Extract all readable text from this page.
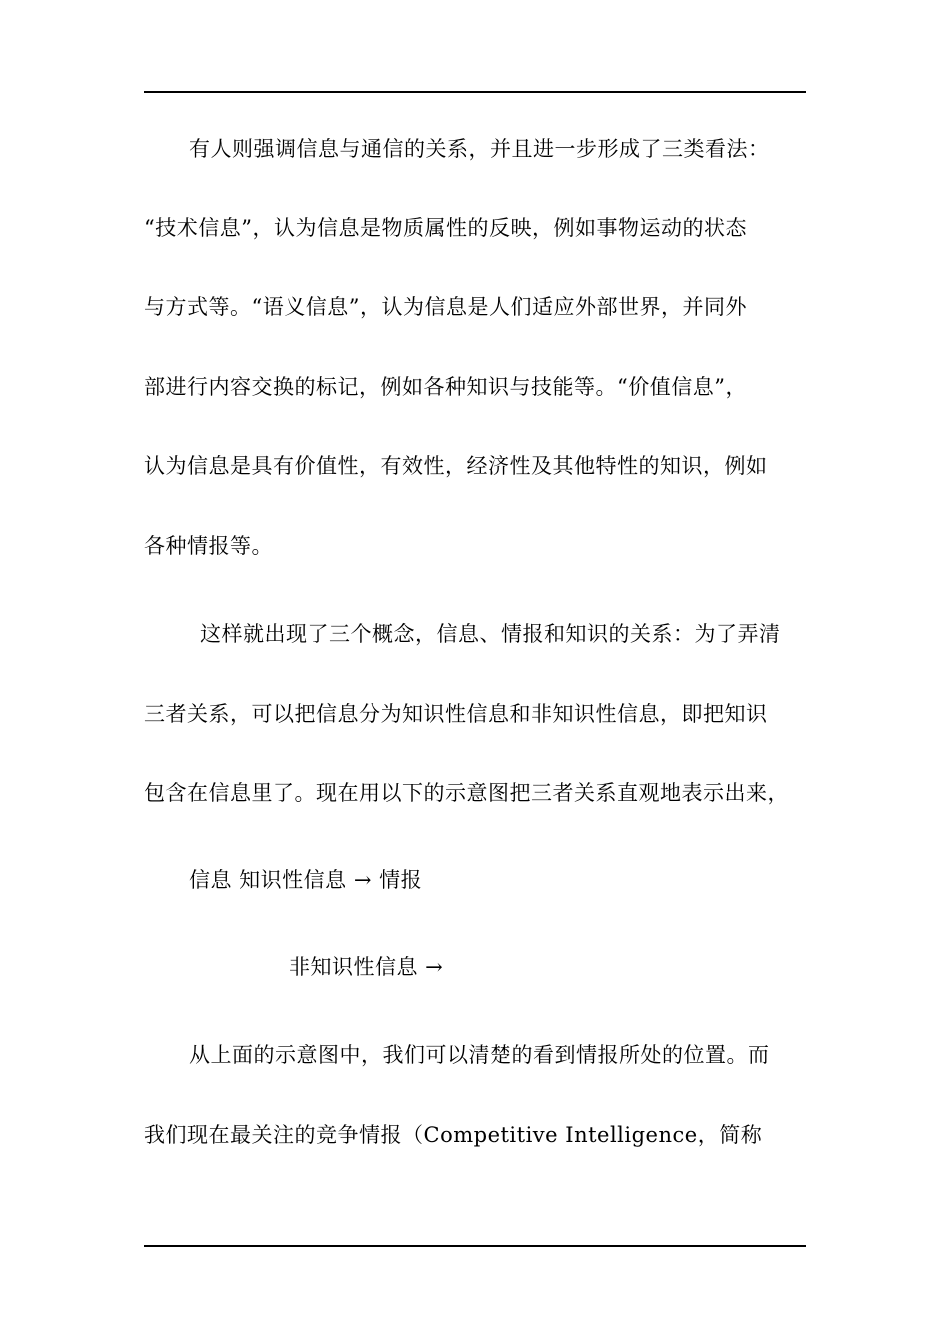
有人则强调信息与通信的关系，并且进一步形成了三类看法：
“技术信息”，认为信息是物质属性的反映，例如事物运动的状态
与方式等。“语义信息”，认为信息是人们适应外部世界，并同外
部进行内容交换的标记，例如各种知识与技能等。“价值信息”，
认为信息是具有价值性，有效性，经济性及其他特性的知识，例如
各种情报等。
这样就出现了三个概念，信息、情报和知识的关系：为了弄清
三者关系，可以把信息分为知识性信息和非知识性信息，即把知识
包含在信息里了。现在用以下的示意图把三者关系直观地表示出来，
信息 知识性信息 → 情报
非知识性信息 →
从上面的示意图中，我们可以清楚的看到情报所处的位置。而
我们现在最关注的竞争情报（Competitive Intelligence，简称
